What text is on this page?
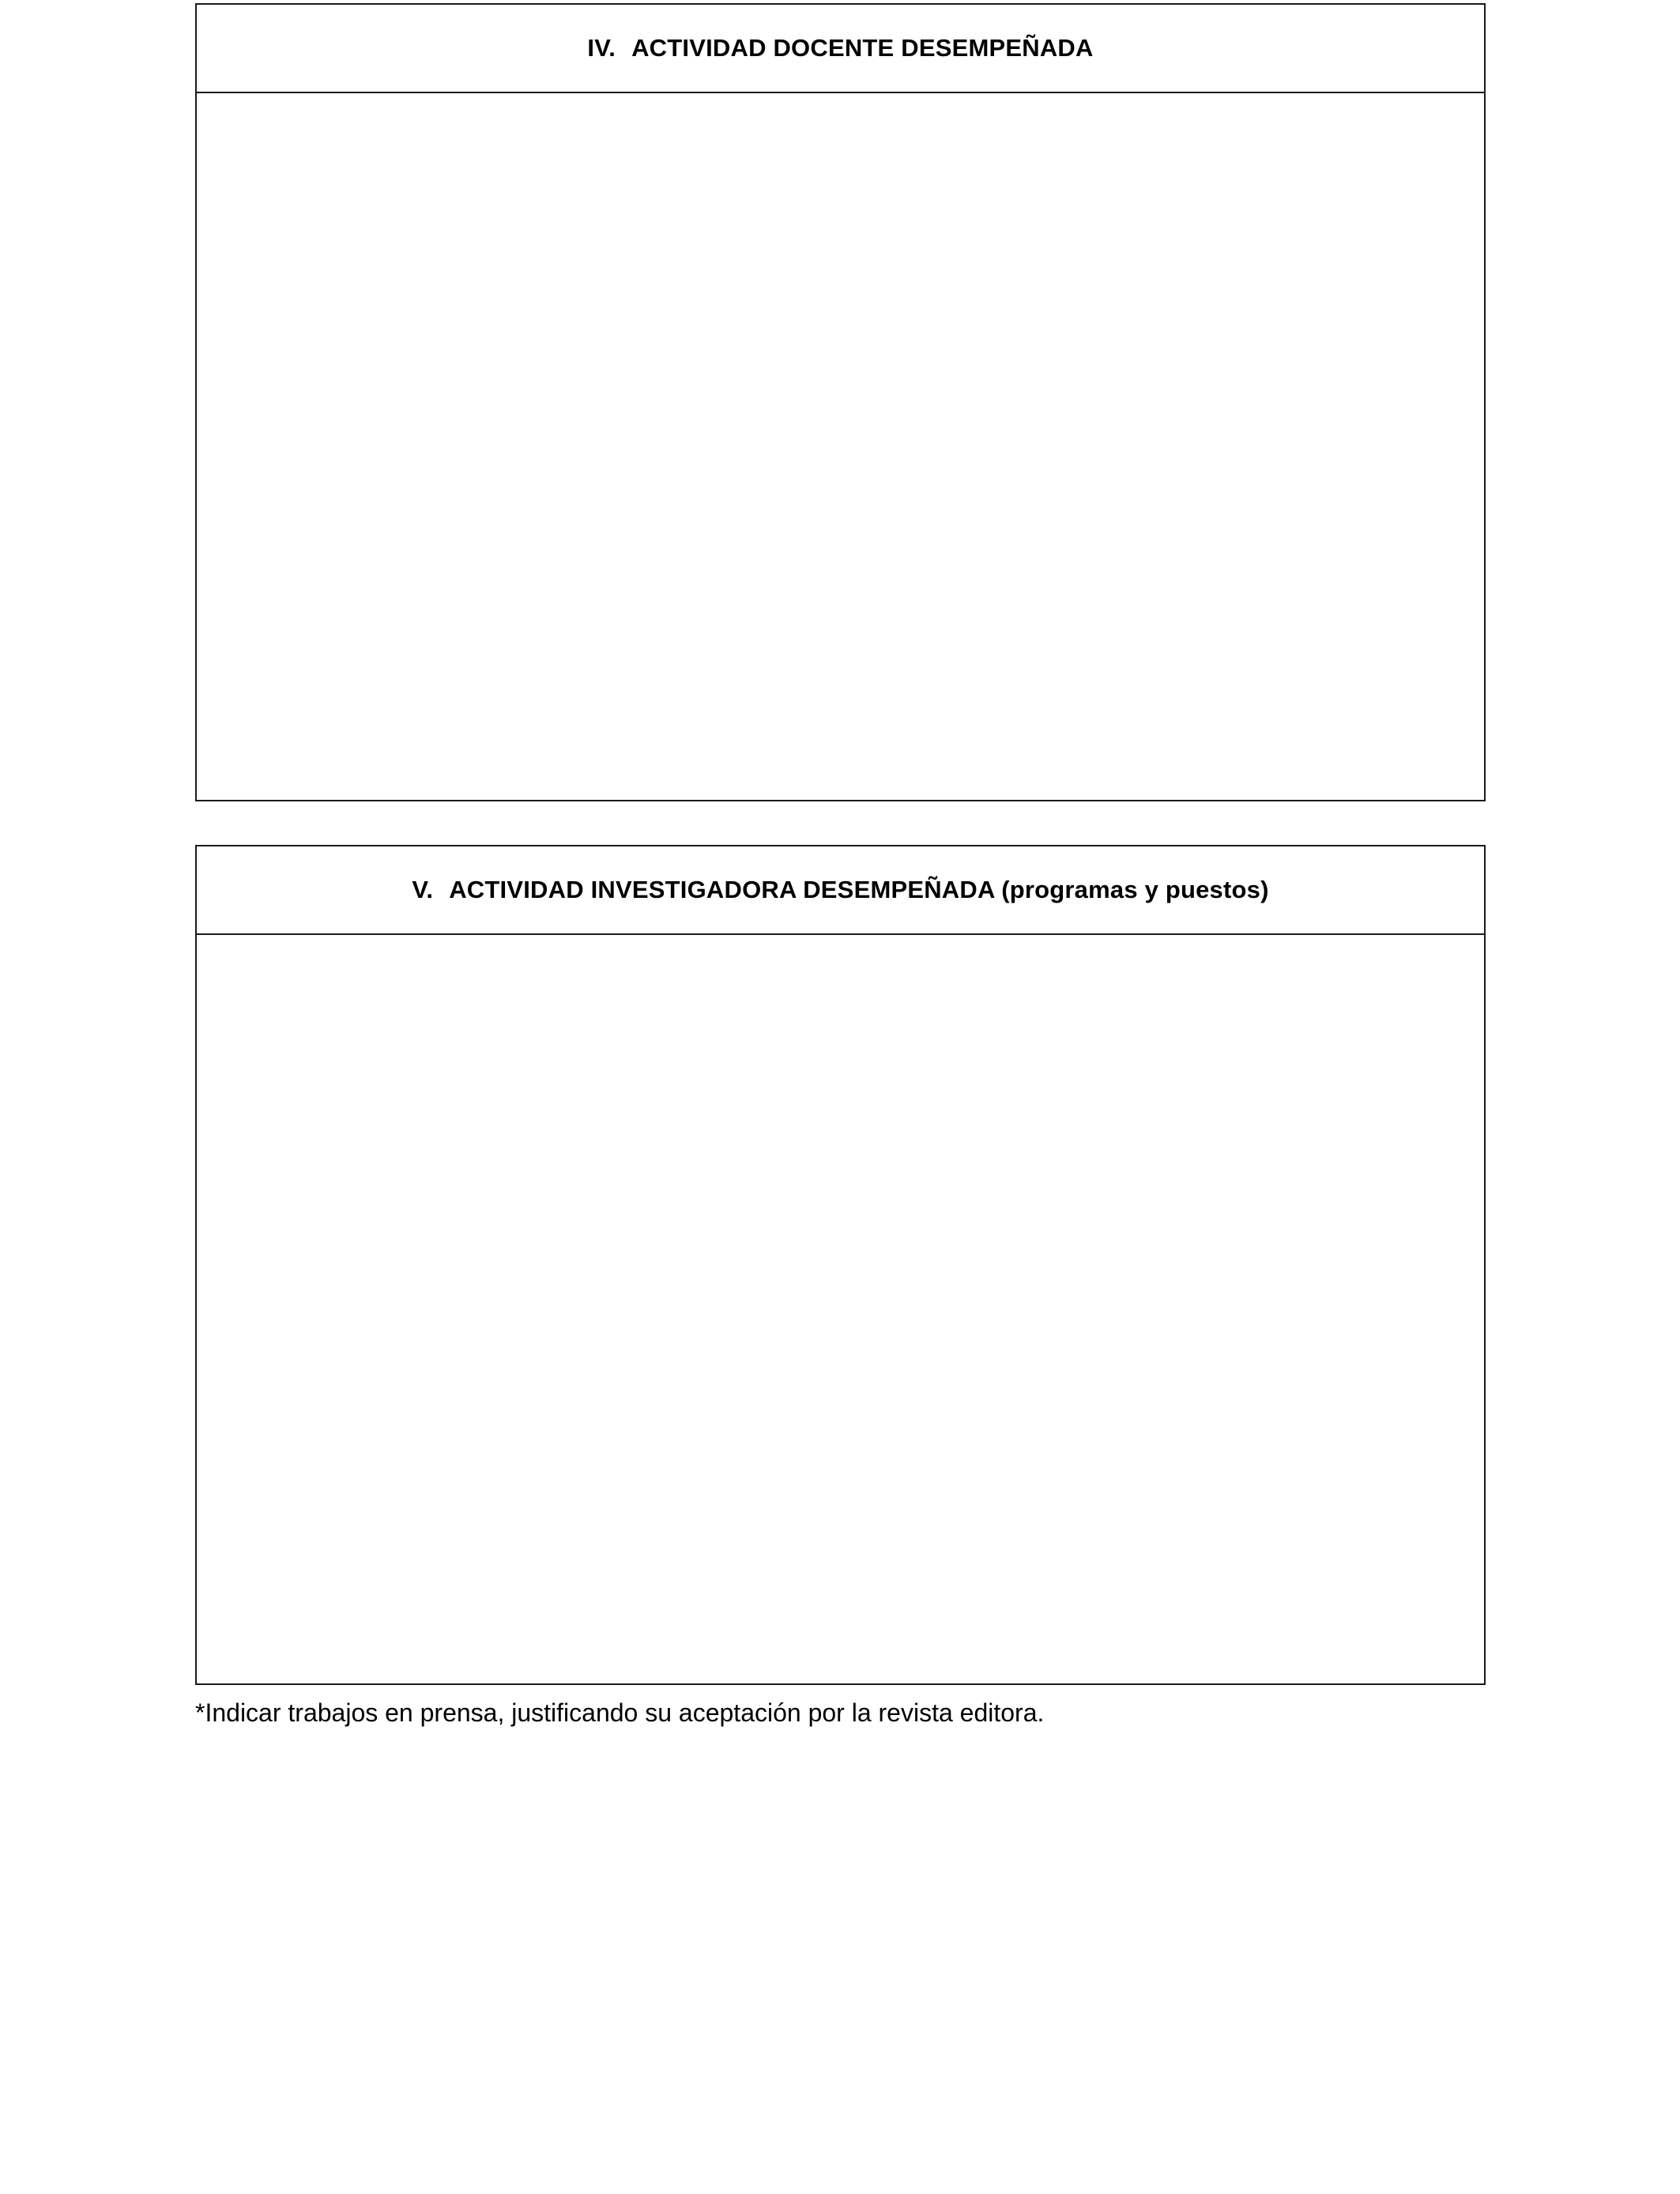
IV. ACTIVIDAD DOCENTE DESEMPEÑADA
V. ACTIVIDAD INVESTIGADORA DESEMPEÑADA (programas y puestos)
*Indicar trabajos en prensa, justificando su aceptación por la revista editora.
